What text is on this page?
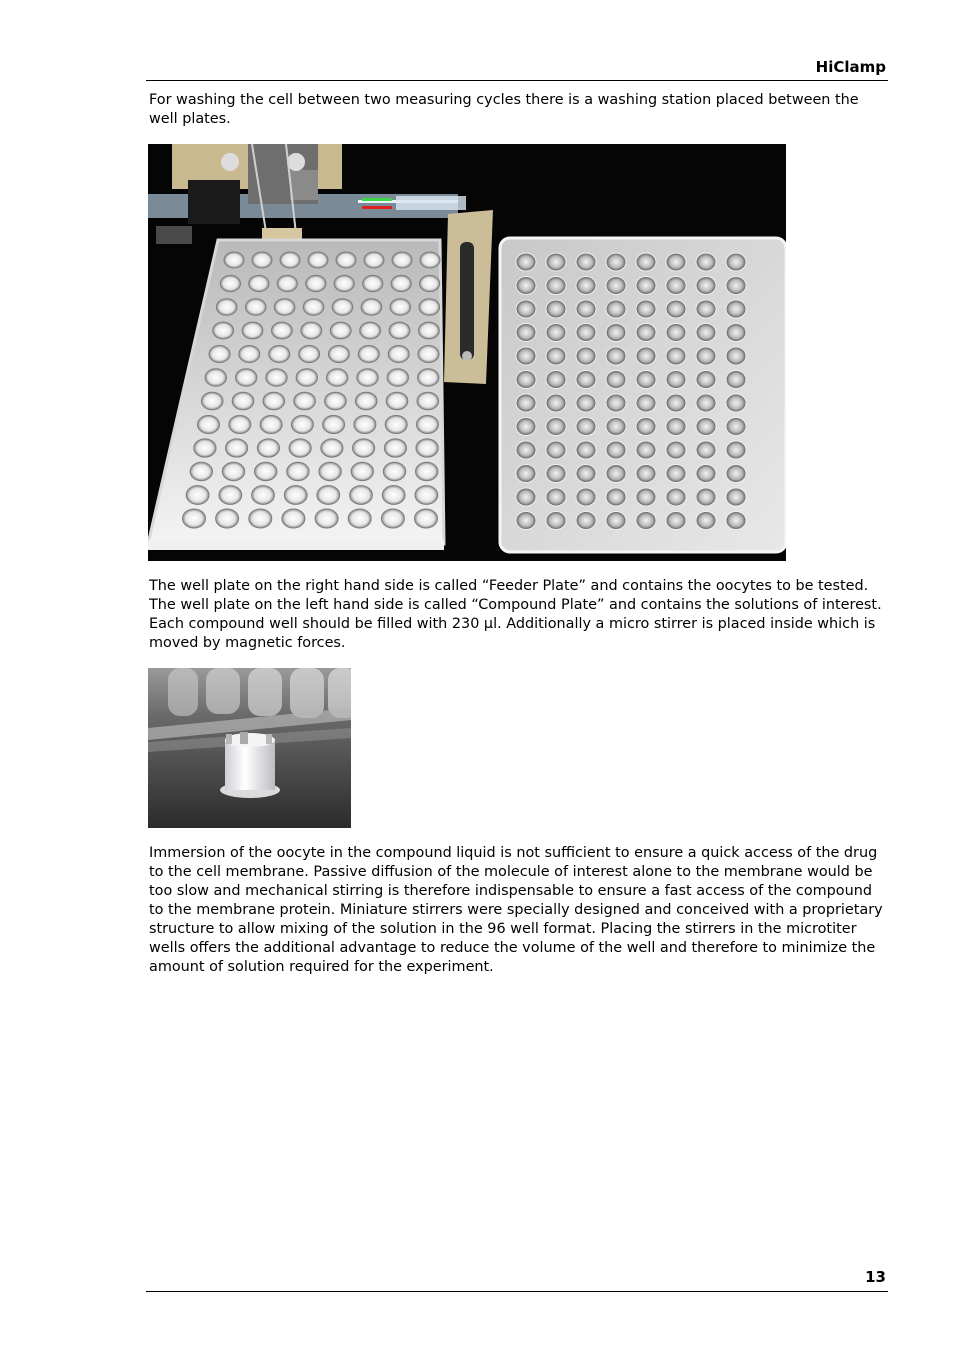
HiClamp

For washing the cell between two measuring cycles there is a washing station placed between the well plates.

The well plate on the right hand side is called “Feeder Plate” and contains the oocytes to be tested. The well plate on the left hand side is called “Compound Plate” and contains the solutions of interest. Each compound well should be filled with 230 µl. Additionally a micro stirrer is placed inside which is moved by magnetic forces.

Immersion of the oocyte in the compound liquid is not sufficient to ensure a quick access of the drug to the cell membrane. Passive diffusion of the molecule of interest alone to the membrane would be too slow and mechanical stirring is therefore indispensable to ensure a fast access of the compound to the membrane protein. Miniature stirrers were specially designed and conceived with a proprietary structure to allow mixing of the solution in the 96 well format. Placing the stirrers in the microtiter wells offers the additional advantage to reduce the volume of the well and therefore to minimize the amount of solution required for the experiment.

13
